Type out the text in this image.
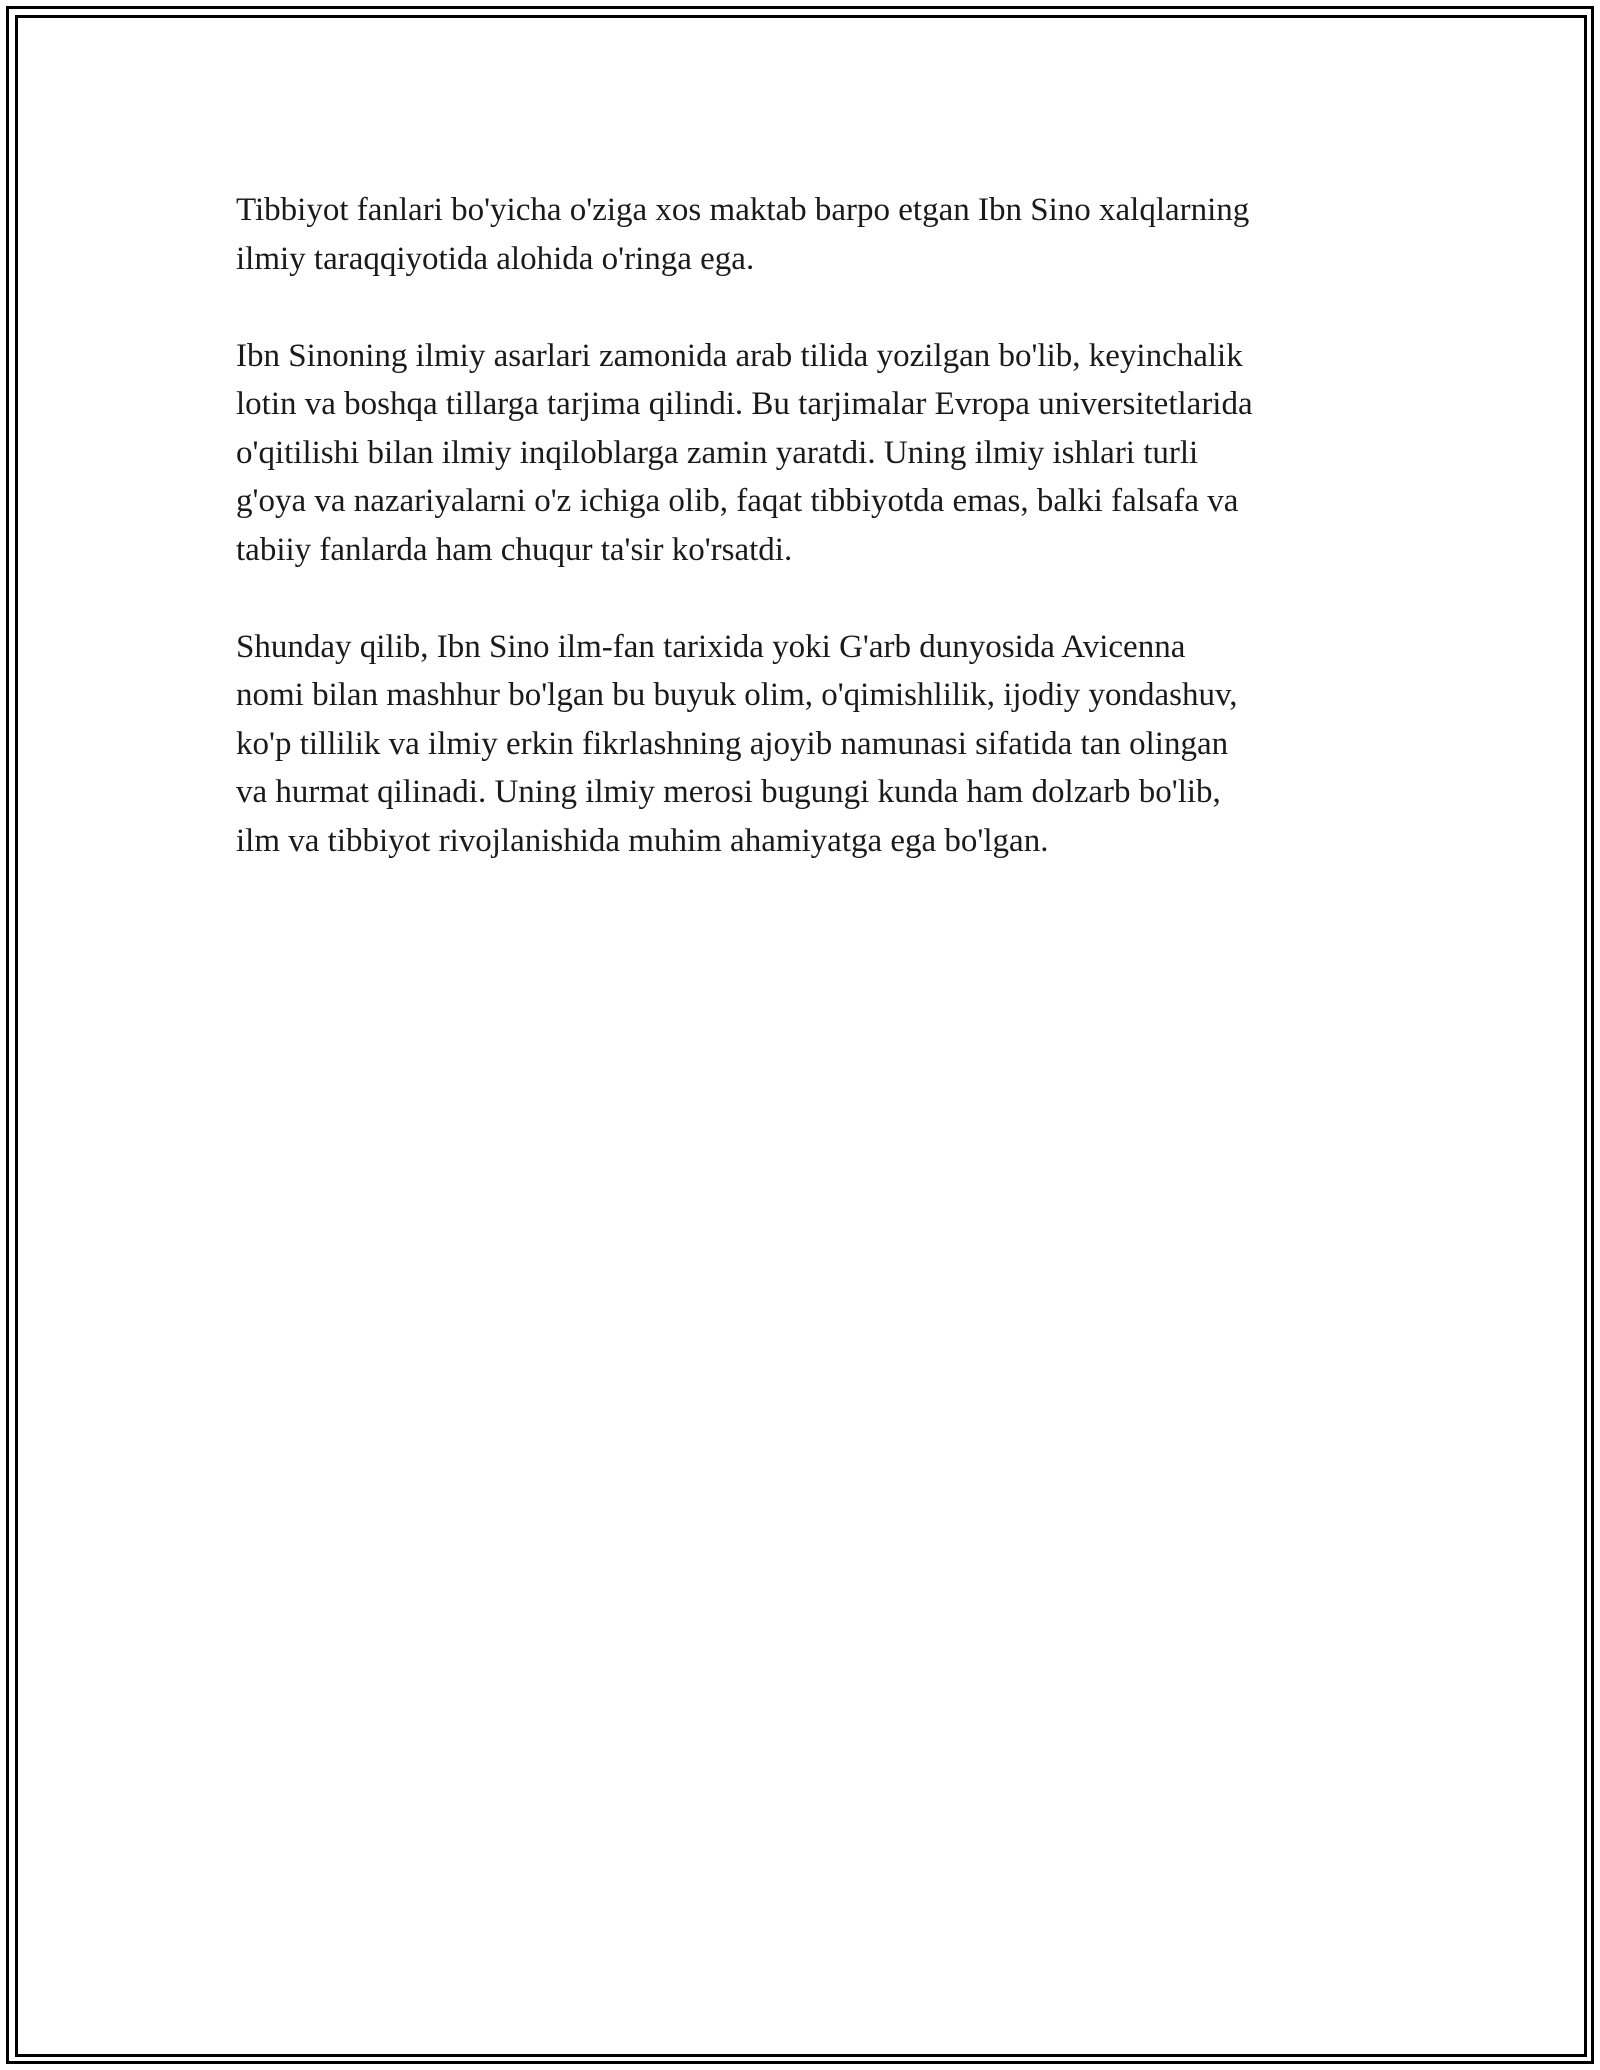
Tibbiyot fanlari bo'yicha o'ziga xos maktab barpo etgan Ibn Sino xalqlarning
ilmiy taraqqiyotida alohida o'ringa ega.

Ibn Sinoning ilmiy asarlari zamonida arab tilida yozilgan bo'lib, keyinchalik
lotin va boshqa tillarga tarjima qilindi. Bu tarjimalar Evropa universitetlarida
o'qitilishi bilan ilmiy inqiloblarga zamin yaratdi. Uning ilmiy ishlari turli
g'oya va nazariyalarni o'z ichiga olib, faqat tibbiyotda emas, balki falsafa va
tabiiy fanlarda ham chuqur ta'sir ko'rsatdi.

Shunday qilib, Ibn Sino ilm-fan tarixida yoki G'arb dunyosida Avicenna
nomi bilan mashhur bo'lgan bu buyuk olim, o'qimishlilik, ijodiy yondashuv,
ko'p tillilik va ilmiy erkin fikrlashning ajoyib namunasi sifatida tan olingan
va hurmat qilinadi. Uning ilmiy merosi bugungi kunda ham dolzarb bo'lib,
ilm va tibbiyot rivojlanishida muhim ahamiyatga ega bo'lgan.
